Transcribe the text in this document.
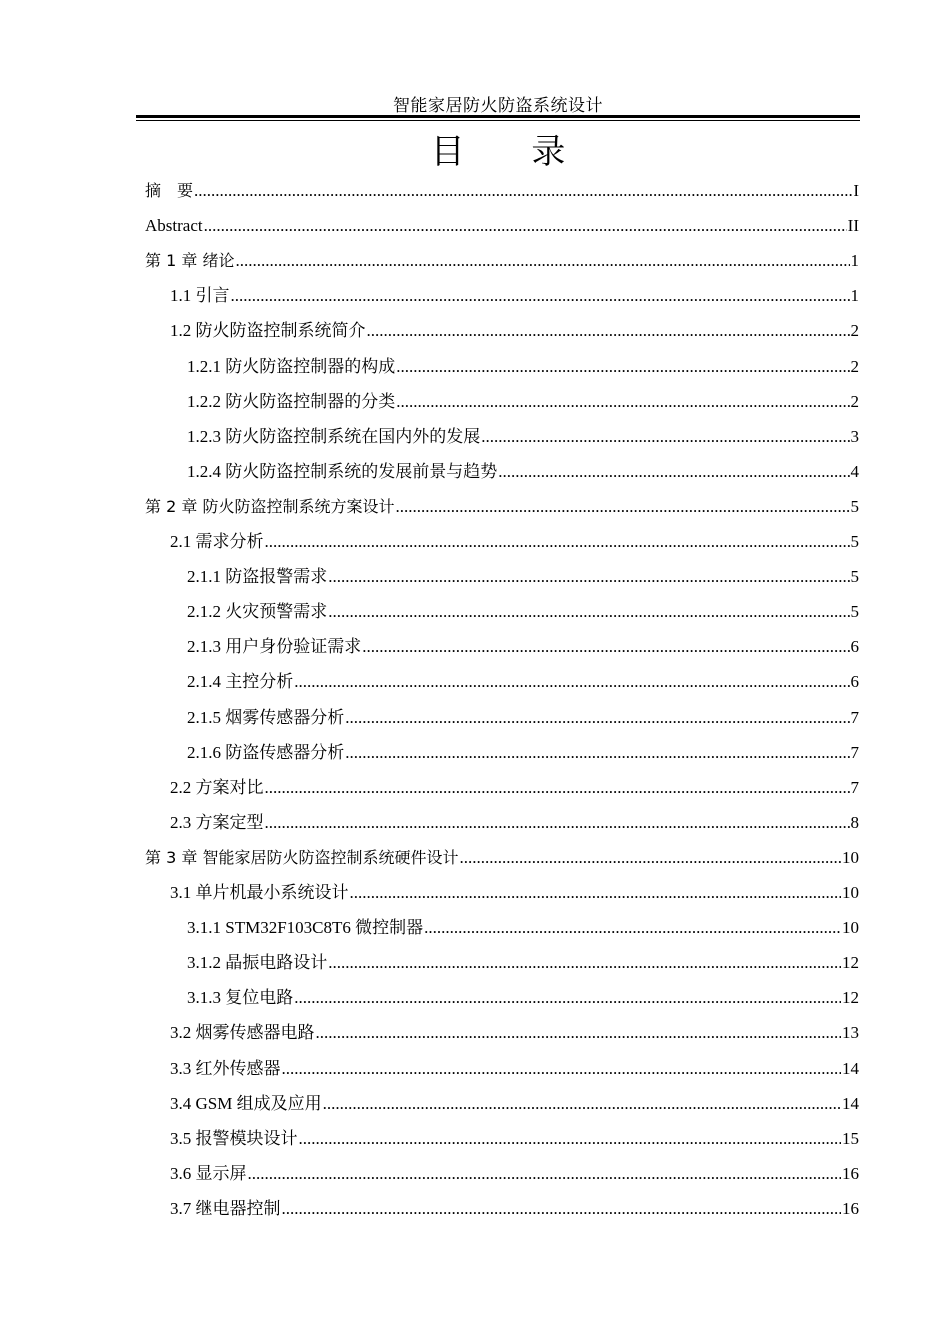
智能家居防火防盗系统设计
目 录
摘　要 .....	I
Abstract .....	II
第 1 章 绪论 .....	1
1.1 引言 .....	1
1.2 防火防盗控制系统简介 .....	2
1.2.1 防火防盗控制器的构成 .....	2
1.2.2 防火防盗控制器的分类 .....	2
1.2.3 防火防盗控制系统在国内外的发展 .....	3
1.2.4 防火防盗控制系统的发展前景与趋势 .....	4
第 2 章 防火防盗控制系统方案设计 .....	5
2.1 需求分析 .....	5
2.1.1 防盗报警需求 .....	5
2.1.2 火灾预警需求 .....	5
2.1.3 用户身份验证需求 .....	6
2.1.4 主控分析 .....	6
2.1.5 烟雾传感器分析 .....	7
2.1.6 防盗传感器分析 .....	7
2.2 方案对比 .....	7
2.3 方案定型 .....	8
第 3 章 智能家居防火防盗控制系统硬件设计 .....	10
3.1 单片机最小系统设计 .....	10
3.1.1 STM32F103C8T6 微控制器 .....	10
3.1.2 晶振电路设计 .....	12
3.1.3 复位电路 .....	12
3.2 烟雾传感器电路 .....	13
3.3 红外传感器 .....	14
3.4 GSM 组成及应用 .....	14
3.5 报警模块设计 .....	15
3.6 显示屏 .....	16
3.7 继电器控制 .....	16
